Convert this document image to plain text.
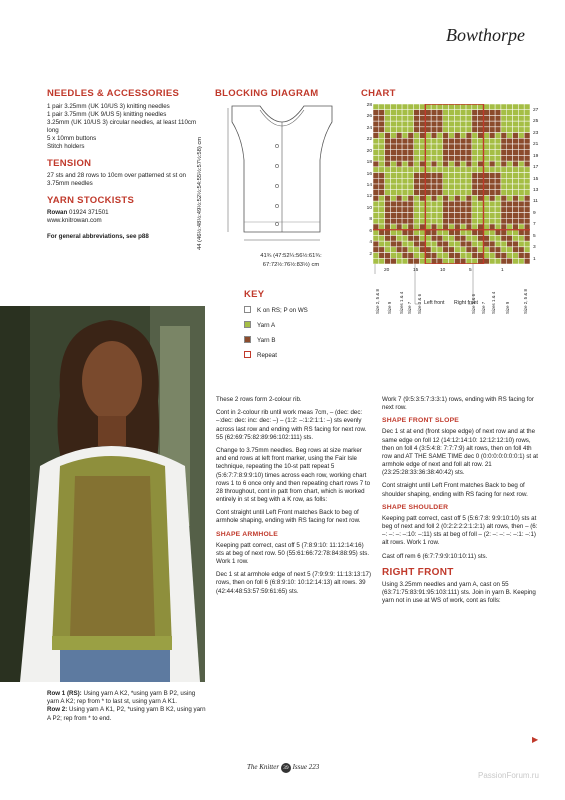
Bowthorpe
NEEDLES & ACCESSORIES

1 pair 3.25mm (UK 10/US 3) knitting needles

1 pair 3.75mm (UK 9/US 5) knitting needles

3.25mm (UK 10/US 3) circular needles, at least 110cm long

5 x 10mm buttons

Stitch holders

TENSION

27 sts and 28 rows to 10cm over patterned st st on 3.75mm needles

YARN STOCKISTS

Rowan 01924 371501

www.knitrowan.com

For general abbreviations, see p88

BLOCKING DIAGRAM
44 (46½:48½:49½:52½:54:55½:57½:58) cm
41¾ (47:52¼:56½:61¾:
67:72½:76½:83½) cm
CHART
28
26
24
22
20
18
16
14
12
10
8
6
4
2
27
25
23
21
19
17
15
13
11
9
7
5
3
1
20	15	10	5	1
Size 2, 5 & 8 Size 9 Sizes 1 & 4 Size 7 Size 3 & 6	Size 3 & 6 Size 7 Sizes 1 & 4 Size 9	Size 2, 5 & 8
Left front Right front
KEY
K on RS; P on WS
Yarn A
Yarn B
Repeat

Row 1 (RS): Using yarn A K2, *using yarn B P2, using yarn A K2; rep from * to last st, using yarn A K1.

Row 2: Using yarn A K1, P2, *using yarn B K2, using yarn A P2; rep from * to end.

These 2 rows form 2-colour rib.

Cont in 2-colour rib until work meas 7cm, – (dec: dec: –:dec: dec: inc: dec: –) – (1:2: –:1:2:1:1: –) sts evenly across last row and ending with RS facing for next row. 55 (62:69:75:82:89:96:102:111) sts.

Change to 3.75mm needles. Beg rows at size marker and end rows at left front marker, using the Fair Isle technique, repeating the 10-st patt repeat 5 (5:6:7:7:8:9:9:10) times across each row, working chart rows 1 to 6 once only and then repeating chart rows 7 to 28 throughout, cont in patt from chart, which is worked entirely in st st beg with a K row, as folls:

Cont straight until Left Front matches Back to beg of armhole shaping, ending with RS facing for next row.

SHAPE ARMHOLE

Keeping patt correct, cast off 5 (7:8:9:10: 11:12:14:16) sts at beg of next row. 50 (55:61:66:72:78:84:88:95) sts. Work 1 row.

Dec 1 st at armhole edge of next 5 (7:9:9:9: 11:13:13:17) rows, then on foll 6 (6:8:9:10: 10:12:14:13) alt rows. 39 (42:44:48:53:57:59:61:65) sts.

Work 7 (9:5:3:5:7:3:3:1) rows, ending with RS facing for next row.

SHAPE FRONT SLOPE

Dec 1 st at end (front slope edge) of next row and at the same edge on foll 12 (14:12:14:10: 12:12:12:10) rows, then on foll 4 (3:5:4:8: 7:7:7:9) alt rows, then on foll 4th row and AT THE SAME TIME dec 0 (0:0:0:0:0:0:0:1) st at armhole edge of next and foll alt row. 21 (23:25:28:33:36:38:40:42) sts.

Cont straight until Left Front matches Back to beg of shoulder shaping, ending with RS facing for next row.

SHAPE SHOULDER

Keeping patt correct, cast off 5 (5:6:7:8: 9:9:10:10) sts at beg of next and foll 2 (0:2:2:2:2:1:2:1) alt rows, then – (6: –: –: –: –:10: –:11) sts at beg of foll – (2: –: –: –: –:1: –:1) alt rows. Work 1 row.

Cast off rem 6 (6:7:7:9:9:10:10:11) sts.

RIGHT FRONT

Using 3.25mm needles and yarn A, cast on 55 (63:71:75:83:91:95:103:111) sts. Join in yarn B. Keeping yarn not in use at WS of work, cont as folls:

▶
The Knitter 39 Issue 223
PassionForum.ru
